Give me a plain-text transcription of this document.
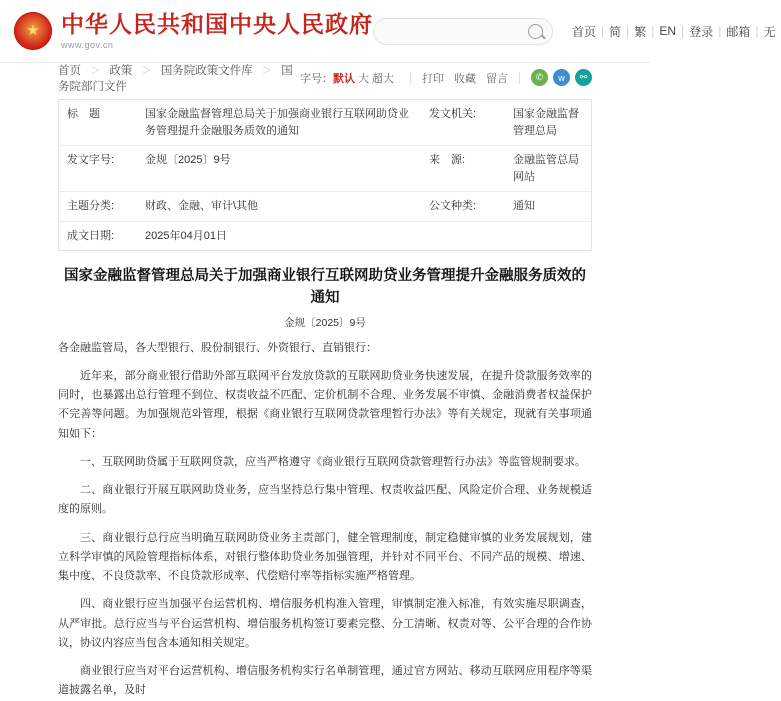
★
中华人民共和国中央人民政府
www.gov.cn
首页 | 简 | 繁 | EN | 登录 | 邮箱 | 无
首页 ＞ 政策 ＞ 国务院政策文件库 ＞ 国务院部门文件
字号：默认 大 超大	打印 收藏 留言	✆	w	⚯
标　题	国家金融监督管理总局关于加强商业银行互联网助贷业务管理提升金融服务质效的通知	发文机关:	国家金融监督管理总局
发文字号:	金规〔2025〕9号	来　源:	金融监管总局网站
主题分类:	财政、金融、审计\其他	公文种类:	通知
成文日期:	2025年04月01日		
国家金融监督管理总局关于加强商业银行互联网助贷业务管理提升金融服务质效的通知
金规〔2025〕9号

各金融监管局，各大型银行、股份制银行、外资银行、直销银行：

近年来，部分商业银行借助外部互联网平台发放贷款的互联网助贷业务快速发展，在提升贷款服务效率的同时，也暴露出总行管理不到位、权责收益不匹配、定价机制不合理、业务发展不审慎、金融消费者权益保护不完善等问题。为加强规范와管理，根据《商业银行互联网贷款管理暂行办法》等有关规定，现就有关事项通知如下：

一、互联网助贷属于互联网贷款，应当严格遵守《商业银行互联网贷款管理暂行办法》等监管规制要求。

二、商业银行开展互联网助贷业务，应当坚持总行集中管理、权责收益匹配、风险定价合理、业务规模适度的原则。

三、商业银行总行应当明确互联网助贷业务主责部门，健全管理制度，制定稳健审慎的业务发展规划，建立科学审慎的风险管理指标体系，对银行整体助贷业务加强管理，并针对不同平台、不同产品的规模、增速、集中度、不良贷款率、不良贷款形成率、代偿赔付率等指标实施严格管理。

四、商业银行应当加强平台运营机构、增信服务机构准入管理，审慎制定准入标准，有效实施尽职调查，从严审批。总行应当与平台运营机构、增信服务机构签订要素完整、分工清晰、权责对等、公平合理的合作协议，协议内容应当包含本通知相关规定。

商业银行应当对平台运营机构、增信服务机构实行名单制管理，通过官方网站、移动互联网应用程序等渠道披露名单，及时
